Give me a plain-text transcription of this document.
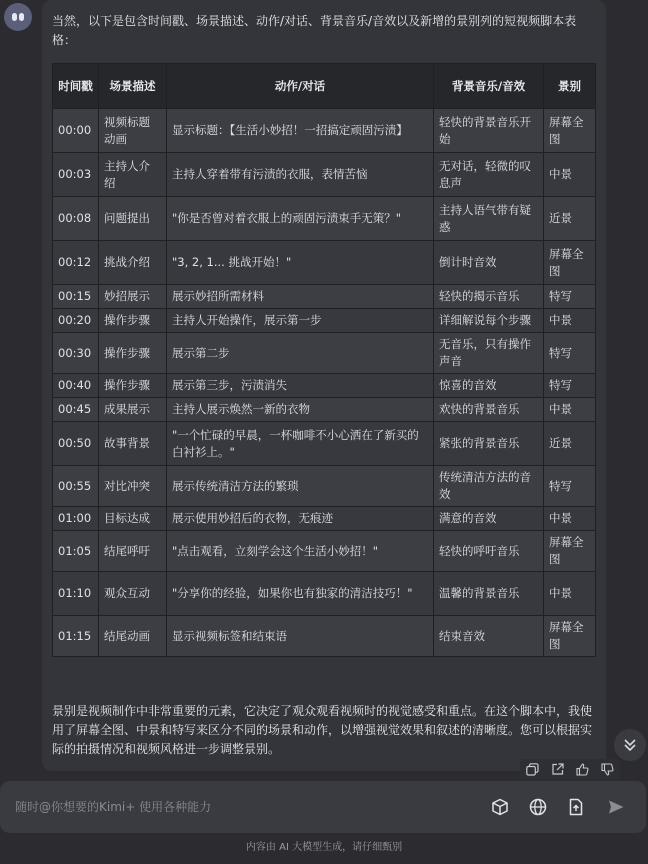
当然，以下是包含时间戳、场景描述、动作/对话、背景音乐/音效以及新增的景别列的短视频脚本表格：

时间戳	场景描述	动作/对话	背景音乐/音效	景别
00:00	视频标题动画	显示标题：【生活小妙招！一招搞定顽固污渍】	轻快的背景音乐开始	屏幕全图
00:03	主持人介绍	主持人穿着带有污渍的衣服，表情苦恼	无对话，轻微的叹息声	中景
00:08	问题提出	"你是否曾对着衣服上的顽固污渍束手无策？"	主持人语气带有疑惑	近景
00:12	挑战介绍	"3, 2, 1... 挑战开始！"	倒计时音效	屏幕全图
00:15	妙招展示	展示妙招所需材料	轻快的揭示音乐	特写
00:20	操作步骤	主持人开始操作，展示第一步	详细解说每个步骤	中景
00:30	操作步骤	展示第二步	无音乐，只有操作声音	特写
00:40	操作步骤	展示第三步，污渍消失	惊喜的音效	特写
00:45	成果展示	主持人展示焕然一新的衣物	欢快的背景音乐	中景
00:50	故事背景	"一个忙碌的早晨，一杯咖啡不小心洒在了新买的白衬衫上。"	紧张的背景音乐	近景
00:55	对比冲突	展示传统清洁方法的繁琐	传统清洁方法的音效	特写
01:00	目标达成	展示使用妙招后的衣物，无痕迹	满意的音效	中景
01:05	结尾呼吁	"点击观看，立刻学会这个生活小妙招！"	轻快的呼吁音乐	屏幕全图
01:10	观众互动	"分享你的经验，如果你也有独家的清洁技巧！"	温馨的背景音乐	中景
01:15	结尾动画	显示视频标签和结束语	结束音效	屏幕全图

景别是视频制作中非常重要的元素，它决定了观众观看视频时的视觉感受和重点。在这个脚本中，我使用了屏幕全图、中景和特写来区分不同的场景和动作，以增强视觉效果和叙述的清晰度。您可以根据实际的拍摄情况和视频风格进一步调整景别。

随时@你想要的Kimi+ 使用各种能力
内容由 AI 大模型生成，请仔细甄别
